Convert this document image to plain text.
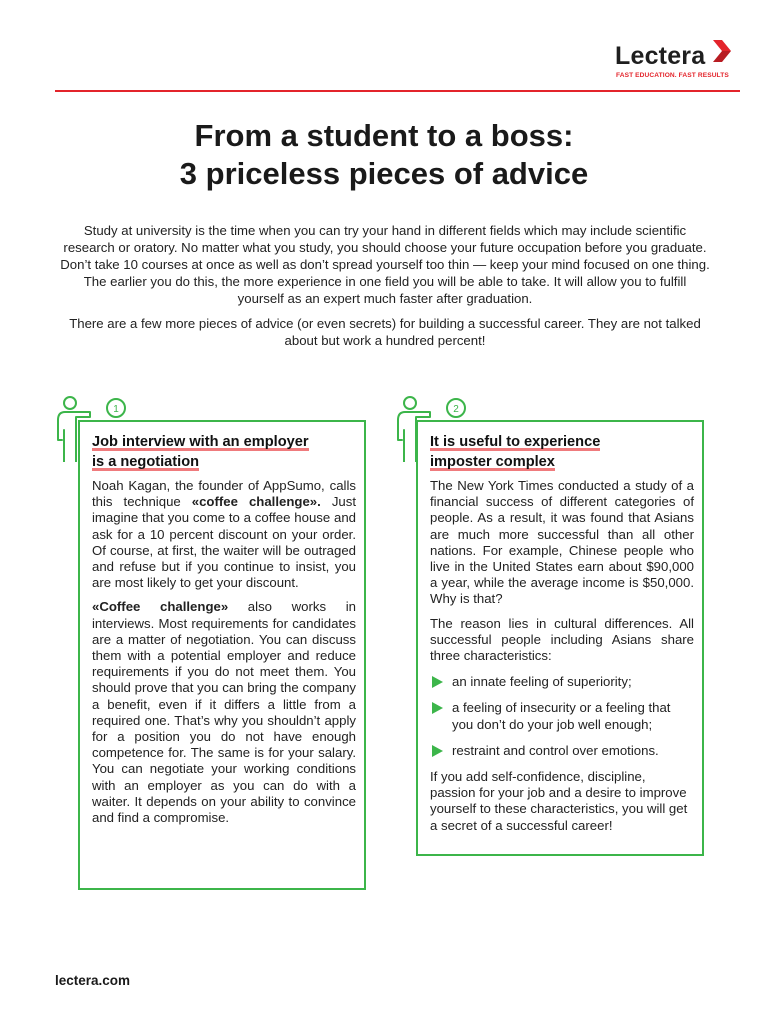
Lectera
FAST EDUCATION. FAST RESULTS
From a student to a boss:
3 priceless pieces of advice

Study at university is the time when you can try your hand in different fields which may include scientific research or oratory. No matter what you study, you should choose your future occupation before you graduate. Don’t take 10 courses at once as well as don’t spread yourself too thin — keep your mind focused on one thing. The earlier you do this, the more experience in one field you will be able to take. It will allow you to fulfill yourself as an expert much faster after graduation.

There are a few more pieces of advice (or even secrets) for building a successful career. They are not talked about but work a hundred percent!

Job interview with an employer
is a negotiation

Noah Kagan, the founder of AppSumo, calls this technique «coffee challenge». Just imagine that you come to a coffee house and ask for a 10 percent discount on your order. Of course, at first, the waiter will be outraged and refuse but if you continue to insist, you are most likely to get your discount.

«Coffee challenge» also works in interviews. Most requirements for candidates are a matter of negotiation. You can discuss them with a potential employer and reduce requirements if you do not meet them. You should prove that you can bring the company a benefit, even if it differs a little from a required one. That’s why you shouldn’t apply for a position you do not have enough competence for. The same is for your salary. You can negotiate your working conditions with an employer as you can do with a waiter. It depends on your ability to convince and find a compromise.

1
It is useful to experience
imposter complex

The New York Times conducted a study of a financial success of different categories of people. As a result, it was found that Asians are much more successful than all other nations. For example, Chinese people who live in the United States earn about $90,000 a year, while the average income is $50,000. Why is that?

The reason lies in cultural differences. All successful people including Asians share three characteristics:

an innate feeling of superiority;
a feeling of insecurity or a feeling that you don’t do your job well enough;
restraint and control over emotions.

If you add self-confidence, discipline, passion for your job and a desire to improve yourself to these characteristics, you will get a secret of a successful career!

2
lectera.com
